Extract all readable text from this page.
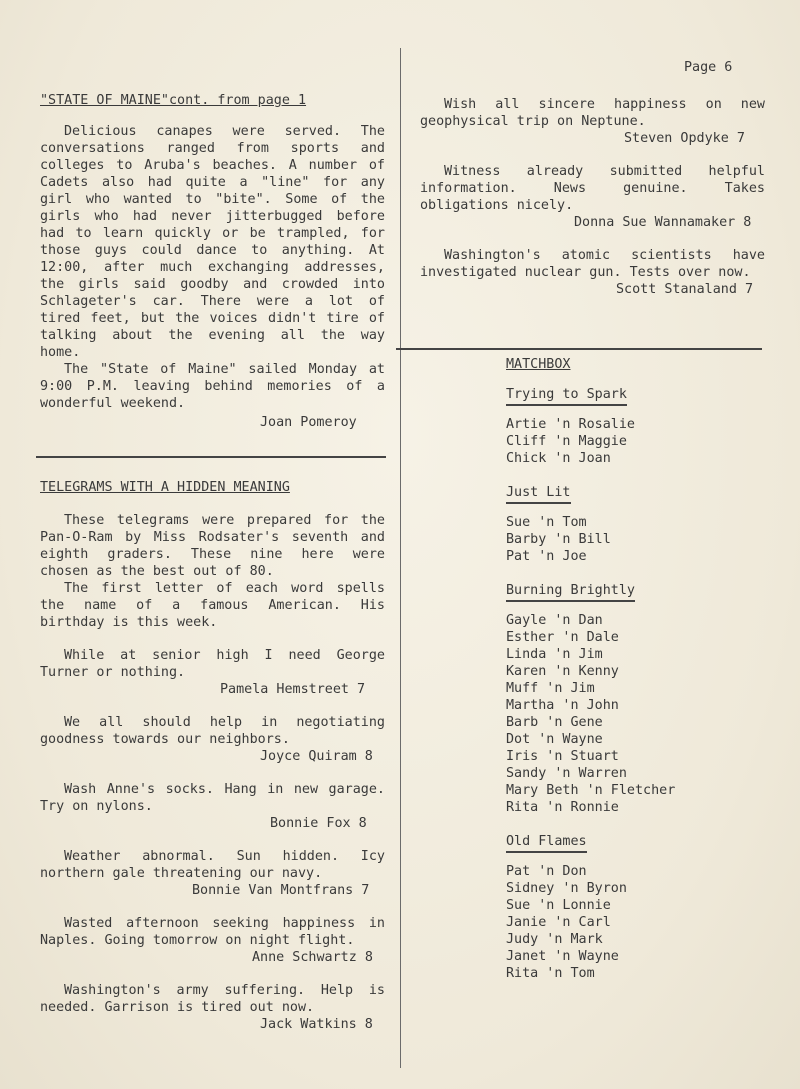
Page 6

"STATE OF MAINE"cont. from page 1

Delicious canapes were served. The conversations ranged from sports and colleges to Aruba's beaches. A number of Cadets also had quite a "line" for any girl who wanted to "bite". Some of the girls who had never jitterbugged before had to learn quickly or be trampled, for those guys could dance to anything. At 12:00, after much exchanging addresses, the girls said goodby and crowded into Schlageter's car. There were a lot of tired feet, but the voices didn't tire of talking about the evening all the way home.

The "State of Maine" sailed Monday at 9:00 P.M. leaving behind memories of a wonderful weekend.

Joan Pomeroy

TELEGRAMS WITH A HIDDEN MEANING

These telegrams were prepared for the Pan-O-Ram by Miss Rodsater's seventh and eighth graders. These nine here were chosen as the best out of 80.

The first letter of each word spells the name of a famous American. His birthday is this week.

While at senior high I need George Turner or nothing.

Pamela Hemstreet 7

We all should help in negotiating goodness towards our neighbors.

Joyce Quiram 8

Wash Anne's socks. Hang in new garage. Try on nylons.

Bonnie Fox 8

Weather abnormal. Sun hidden. Icy northern gale threatening our navy.

Bonnie Van Montfrans 7

Wasted afternoon seeking happiness in Naples. Going tomorrow on night flight.

Anne Schwartz 8

Washington's army suffering. Help is needed. Garrison is tired out now.

Jack Watkins 8

Wish all sincere happiness on new geophysical trip on Neptune.

Steven Opdyke 7

Witness already submitted helpful information. News genuine. Takes obligations nicely.

Donna Sue Wannamaker 8

Washington's atomic scientists have investigated nuclear gun. Tests over now.

Scott Stanaland 7

MATCHBOX

Trying to Spark

Artie 'n Rosalie

Cliff 'n Maggie

Chick 'n Joan

Just Lit

Sue 'n Tom

Barby 'n Bill

Pat 'n Joe

Burning Brightly

Gayle 'n Dan

Esther 'n Dale

Linda 'n Jim

Karen 'n Kenny

Muff 'n Jim

Martha 'n John

Barb 'n Gene

Dot 'n Wayne

Iris 'n Stuart

Sandy 'n Warren

Mary Beth 'n Fletcher

Rita 'n Ronnie

Old Flames

Pat 'n Don

Sidney 'n Byron

Sue 'n Lonnie

Janie 'n Carl

Judy 'n Mark

Janet 'n Wayne

Rita 'n Tom
